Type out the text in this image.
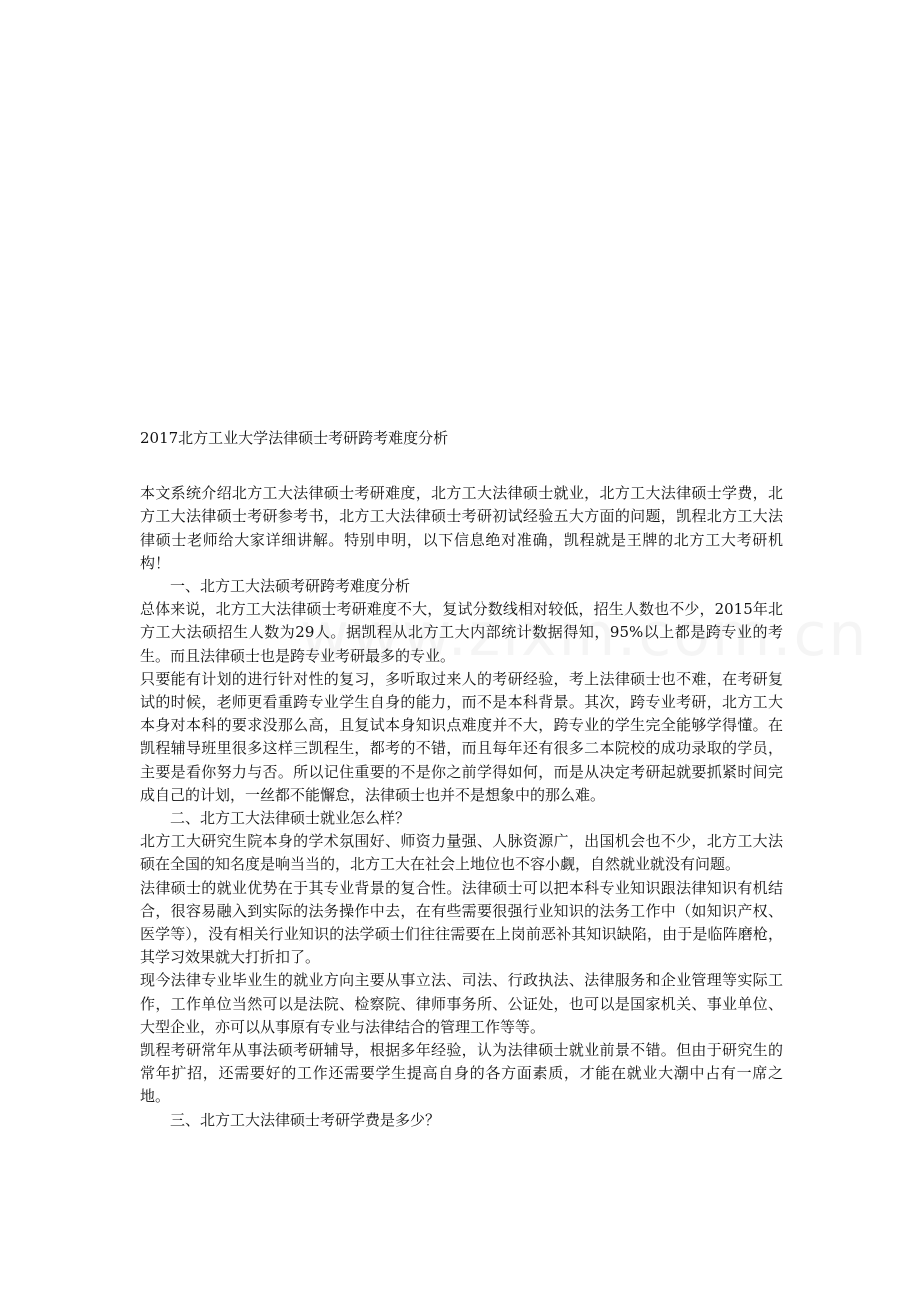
2017北方工业大学法律硕士考研跨考难度分析

本文系统介绍北方工大法律硕士考研难度，北方工大法律硕士就业，北方工大法律硕士学费，北方工大法律硕士考研参考书，北方工大法律硕士考研初试经验五大方面的问题，凯程北方工大法律硕士老师给大家详细讲解。特别申明，以下信息绝对准确，凯程就是王牌的北方工大考研机构！

一、北方工大法硕考研跨考难度分析

总体来说，北方工大法律硕士考研难度不大，复试分数线相对较低，招生人数也不少，2015年北方工大法硕招生人数为29人。据凯程从北方工大内部统计数据得知，95%以上都是跨专业的考生。而且法律硕士也是跨专业考研最多的专业。

只要能有计划的进行针对性的复习，多听取过来人的考研经验，考上法律硕士也不难，在考研复试的时候，老师更看重跨专业学生自身的能力，而不是本科背景。其次，跨专业考研，北方工大本身对本科的要求没那么高，且复试本身知识点难度并不大，跨专业的学生完全能够学得懂。在凯程辅导班里很多这样三凯程生，都考的不错，而且每年还有很多二本院校的成功录取的学员，主要是看你努力与否。所以记住重要的不是你之前学得如何，而是从决定考研起就要抓紧时间完成自己的计划，一丝都不能懈怠，法律硕士也并不是想象中的那么难。

二、北方工大法律硕士就业怎么样？

北方工大研究生院本身的学术氛围好、师资力量强、人脉资源广，出国机会也不少，北方工大法硕在全国的知名度是响当当的，北方工大在社会上地位也不容小觑，自然就业就没有问题。

法律硕士的就业优势在于其专业背景的复合性。法律硕士可以把本科专业知识跟法律知识有机结合，很容易融入到实际的法务操作中去，在有些需要很强行业知识的法务工作中（如知识产权、医学等），没有相关行业知识的法学硕士们往往需要在上岗前恶补其知识缺陷，由于是临阵磨枪，其学习效果就大打折扣了。

现今法律专业毕业生的就业方向主要从事立法、司法、行政执法、法律服务和企业管理等实际工作，工作单位当然可以是法院、检察院、律师事务所、公证处，也可以是国家机关、事业单位、大型企业，亦可以从事原有专业与法律结合的管理工作等等。

凯程考研常年从事法硕考研辅导，根据多年经验，认为法律硕士就业前景不错。但由于研究生的常年扩招，还需要好的工作还需要学生提高自身的各方面素质，才能在就业大潮中占有一席之地。

三、北方工大法律硕士考研学费是多少？
